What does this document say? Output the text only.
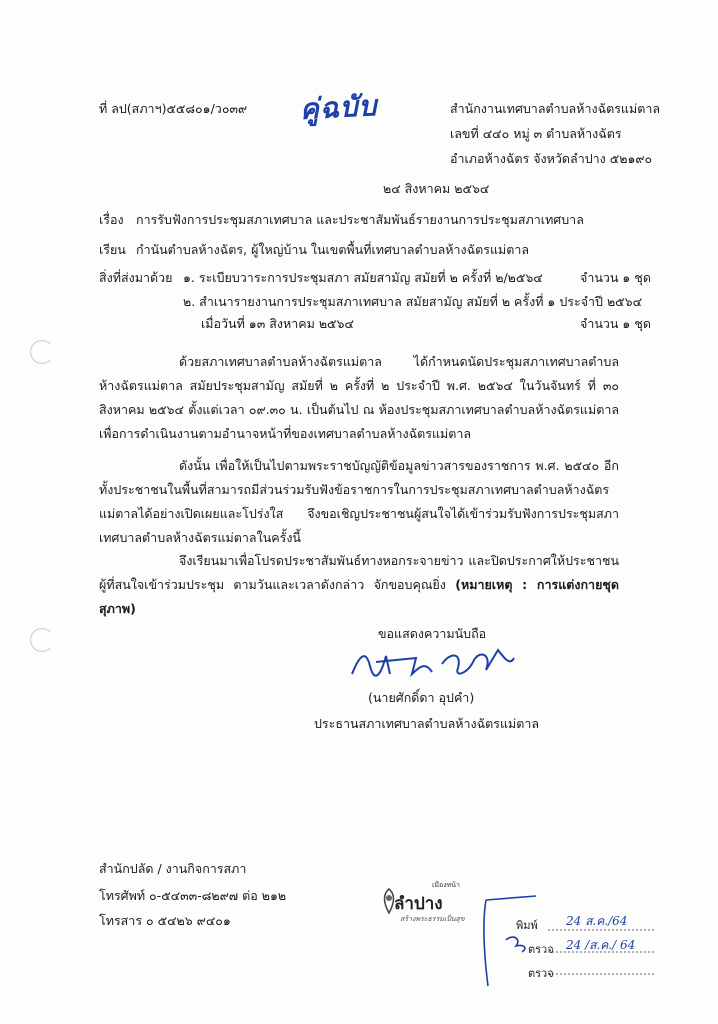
ที่ ลป(สภาฯ)๕๕๘๐๑/ว๐๓๙ คู่ฉบับ	สำนักงานเทศบาลตำบลห้างฉัตรแม่ตาล
เลขที่ ๔๔๐ หมู่ ๓ ตำบลห้างฉัตร
อำเภอห้างฉัตร จังหวัดลำปาง ๕๒๑๙๐
๒๔ สิงหาคม ๒๕๖๔
เรื่อง การรับฟังการประชุมสภาเทศบาล และประชาสัมพันธ์รายงานการประชุมสภาเทศบาล
เรียน กำนันตำบลห้างฉัตร, ผู้ใหญ่บ้าน ในเขตพื้นที่เทศบาลตำบลห้างฉัตรแม่ตาล
สิ่งที่ส่งมาด้วย ๑. ระเบียบวาระการประชุมสภา สมัยสามัญ สมัยที่ ๒ ครั้งที่ ๒/๒๕๖๔	จำนวน ๑ ชุด
๒. สำเนารายงานการประชุมสภาเทศบาล สมัยสามัญ สมัยที่ ๒ ครั้งที่ ๑ ประจำปี ๒๕๖๔
เมื่อวันที่ ๑๓ สิงหาคม ๒๕๖๔	จำนวน ๑ ชุด
ด้วยสภาเทศบาลตำบลห้างฉัตรแม่ตาล ได้กำหนดนัดประชุมสภาเทศบาลตำบลห้างฉัตรแม่ตาล สมัยประชุมสามัญ สมัยที่ ๒ ครั้งที่ ๒ ประจำปี พ.ศ. ๒๕๖๔ ในวันจันทร์ ที่ ๓๐ สิงหาคม ๒๕๖๔ ตั้งแต่เวลา ๐๙.๓๐ น. เป็นต้นไป ณ ห้องประชุมสภาเทศบาลตำบลห้างฉัตรแม่ตาล เพื่อการดำเนินงานตามอำนาจหน้าที่ของเทศบาลตำบลห้างฉัตรแม่ตาล
ดังนั้น เพื่อให้เป็นไปตามพระราชบัญญัติข้อมูลข่าวสารของราชการ พ.ศ. ๒๕๔๐ อีกทั้งประชาชนในพื้นที่สามารถมีส่วนร่วมรับฟังข้อราชการในการประชุมสภาเทศบาลตำบลห้างฉัตรแม่ตาลได้อย่างเปิดเผยและโปร่งใส จึงขอเชิญประชาชนผู้สนใจได้เข้าร่วมรับฟังการประชุมสภาเทศบาลตำบลห้างฉัตรแม่ตาลในครั้งนี้
จึงเรียนมาเพื่อโปรดประชาสัมพันธ์ทางหอกระจายข่าว และปิดประกาศให้ประชาชนผู้ที่สนใจเข้าร่วมประชุม ตามวันและเวลาดังกล่าว จักขอบคุณยิ่ง (หมายเหตุ : การแต่งกายชุดสุภาพ)
ขอแสดงความนับถือ
(นายศักดิ์ดา อุปคำ)
ประธานสภาเทศบาลตำบลห้างฉัตรแม่ตาล
สำนักปลัด / งานกิจการสภา
โทรศัพท์ ๐-๕๔๓๓-๘๒๙๗ ต่อ ๒๑๒
โทรสาร ๐ ๕๔๒๖ ๙๔๐๑
เมืองหน้า
ลำปาง
สร้างพระธรรมเป็นสุข	พิมพ์ 24 ส.ค./64
ตรวจ 24 /ส.ค./ 64
ตรวจ
